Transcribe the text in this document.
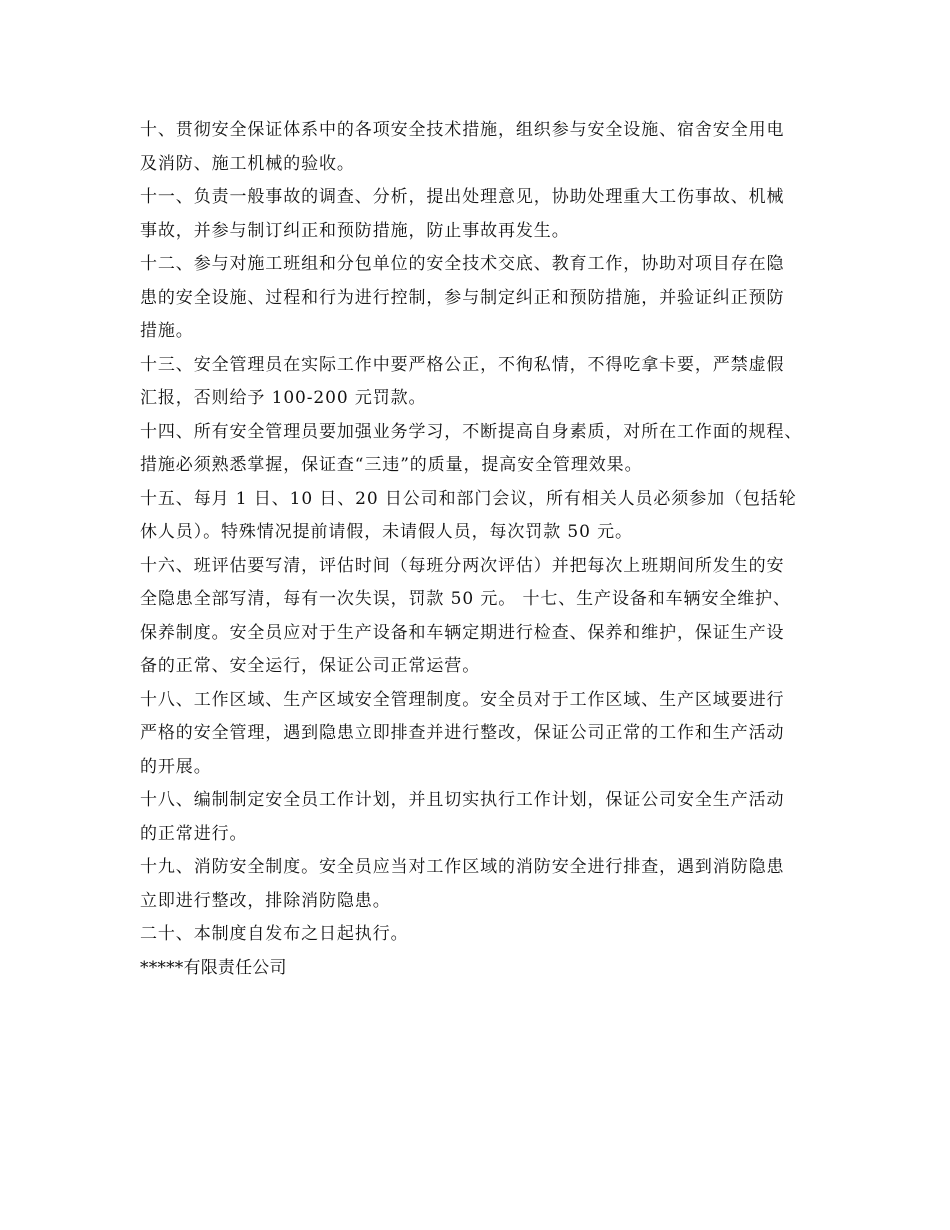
十、贯彻安全保证体系中的各项安全技术措施，组织参与安全设施、宿舍安全用电
及消防、施工机械的验收。
十一、负责一般事故的调查、分析，提出处理意见，协助处理重大工伤事故、机械
事故，并参与制订纠正和预防措施，防止事故再发生。
十二、参与对施工班组和分包单位的安全技术交底、教育工作，协助对项目存在隐
患的安全设施、过程和行为进行控制，参与制定纠正和预防措施，并验证纠正预防
措施。
十三、安全管理员在实际工作中要严格公正，不徇私情，不得吃拿卡要，严禁虚假
汇报，否则给予 100-200 元罚款。
十四、所有安全管理员要加强业务学习，不断提高自身素质，对所在工作面的规程、
措施必须熟悉掌握，保证查“三违”的质量，提高安全管理效果。
十五、每月 1 日、10 日、20 日公司和部门会议，所有相关人员必须参加（包括轮
休人员）。特殊情况提前请假，未请假人员，每次罚款 50 元。
十六、班评估要写清，评估时间（每班分两次评估）并把每次上班期间所发生的安
全隐患全部写清，每有一次失误，罚款 50 元。 十七、生产设备和车辆安全维护、
保养制度。安全员应对于生产设备和车辆定期进行检查、保养和维护，保证生产设
备的正常、安全运行，保证公司正常运营。
十八、工作区域、生产区域安全管理制度。安全员对于工作区域、生产区域要进行
严格的安全管理，遇到隐患立即排查并进行整改，保证公司正常的工作和生产活动
的开展。
十八、编制制定安全员工作计划，并且切实执行工作计划，保证公司安全生产活动
的正常进行。
十九、消防安全制度。安全员应当对工作区域的消防安全进行排查，遇到消防隐患
立即进行整改，排除消防隐患。
二十、本制度自发布之日起执行。
*****有限责任公司
